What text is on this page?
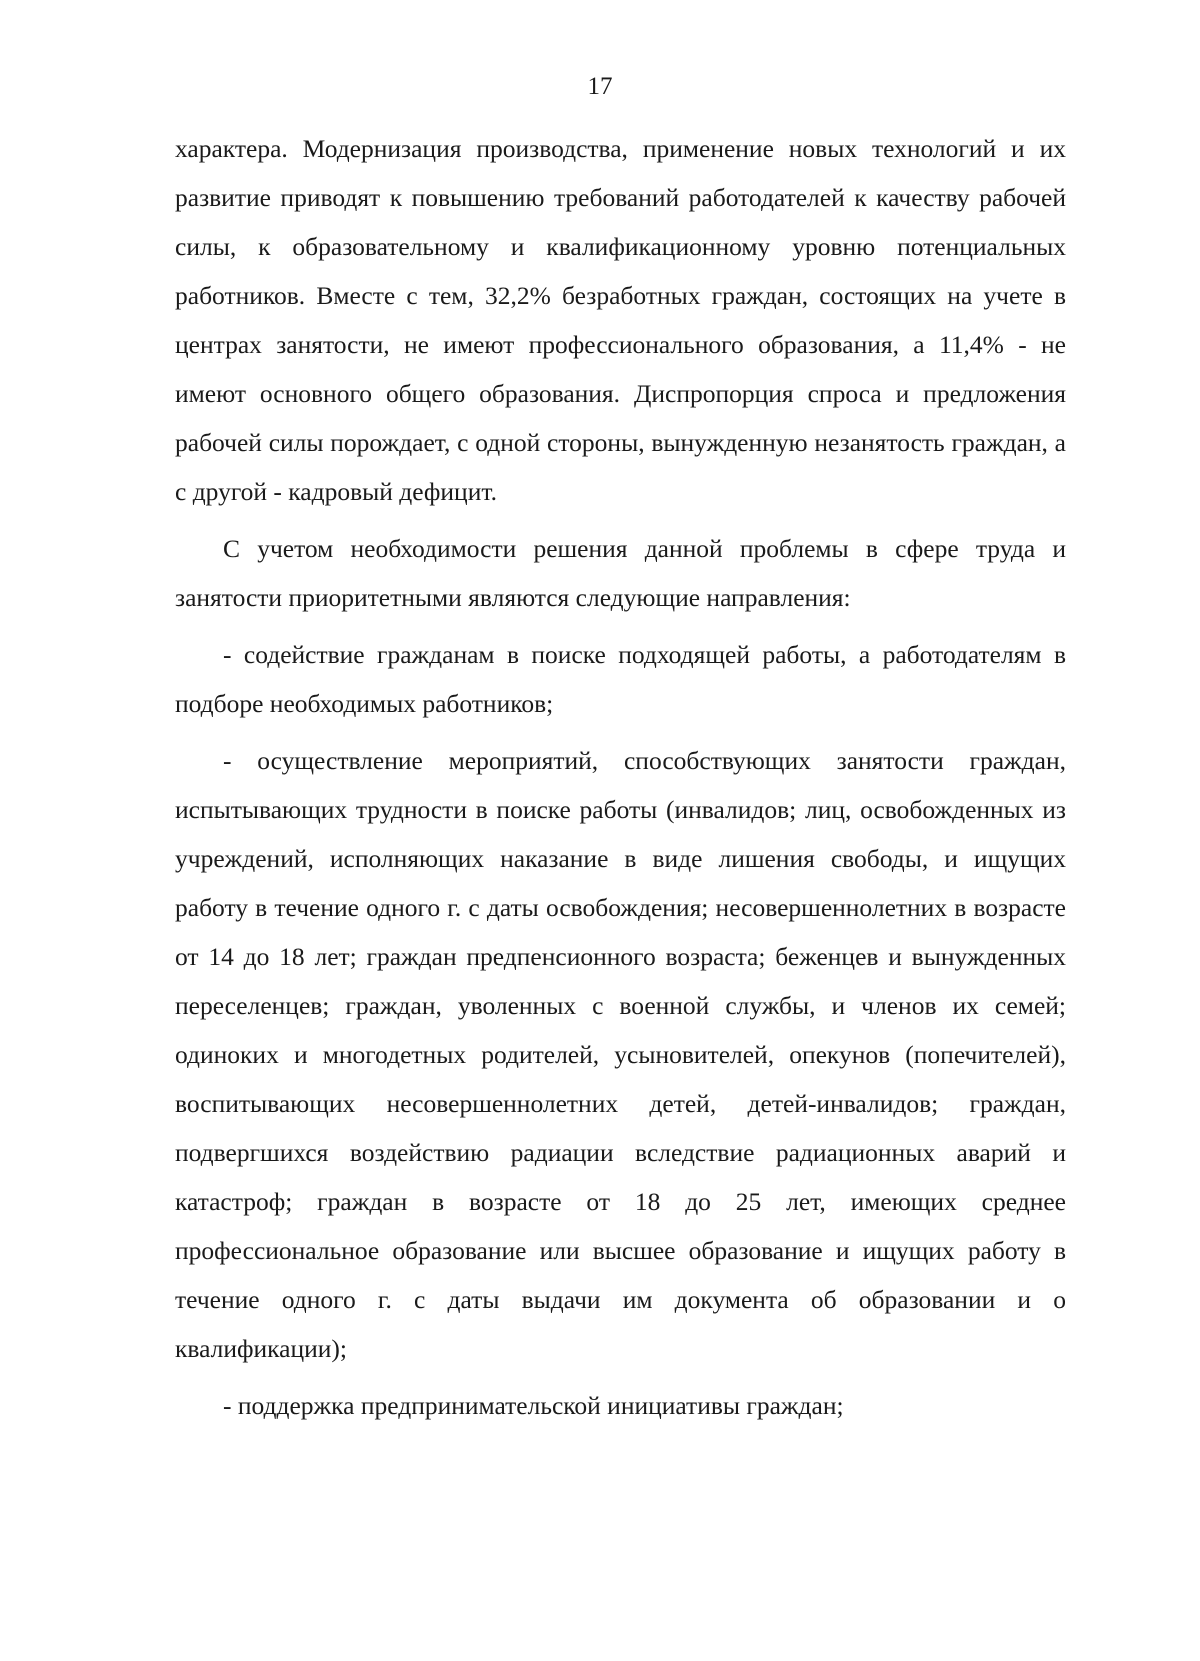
17

характера. Модернизация производства, применение новых технологий и их развитие приводят к повышению требований работодателей к качеству рабочей силы, к образовательному и квалификационному уровню потенциальных работников. Вместе с тем, 32,2% безработных граждан, состоящих на учете в центрах занятости, не имеют профессионального образования, а 11,4% - не имеют основного общего образования. Диспропорция спроса и предложения рабочей силы порождает, с одной стороны, вынужденную незанятость граждан, а с другой - кадровый дефицит.

С учетом необходимости решения данной проблемы в сфере труда и занятости приоритетными являются следующие направления:

- содействие гражданам в поиске подходящей работы, а работодателям в подборе необходимых работников;

- осуществление мероприятий, способствующих занятости граждан, испытывающих трудности в поиске работы (инвалидов; лиц, освобожденных из учреждений, исполняющих наказание в виде лишения свободы, и ищущих работу в течение одного г. с даты освобождения; несовершеннолетних в возрасте от 14 до 18 лет; граждан предпенсионного возраста; беженцев и вынужденных переселенцев; граждан, уволенных с военной службы, и членов их семей; одиноких и многодетных родителей, усыновителей, опекунов (попечителей), воспитывающих несовершеннолетних детей, детей-инвалидов; граждан, подвергшихся воздействию радиации вследствие радиационных аварий и катастроф; граждан в возрасте от 18 до 25 лет, имеющих среднее профессиональное образование или высшее образование и ищущих работу в течение одного г. с даты выдачи им документа об образовании и о квалификации);

- поддержка предпринимательской инициативы граждан;
